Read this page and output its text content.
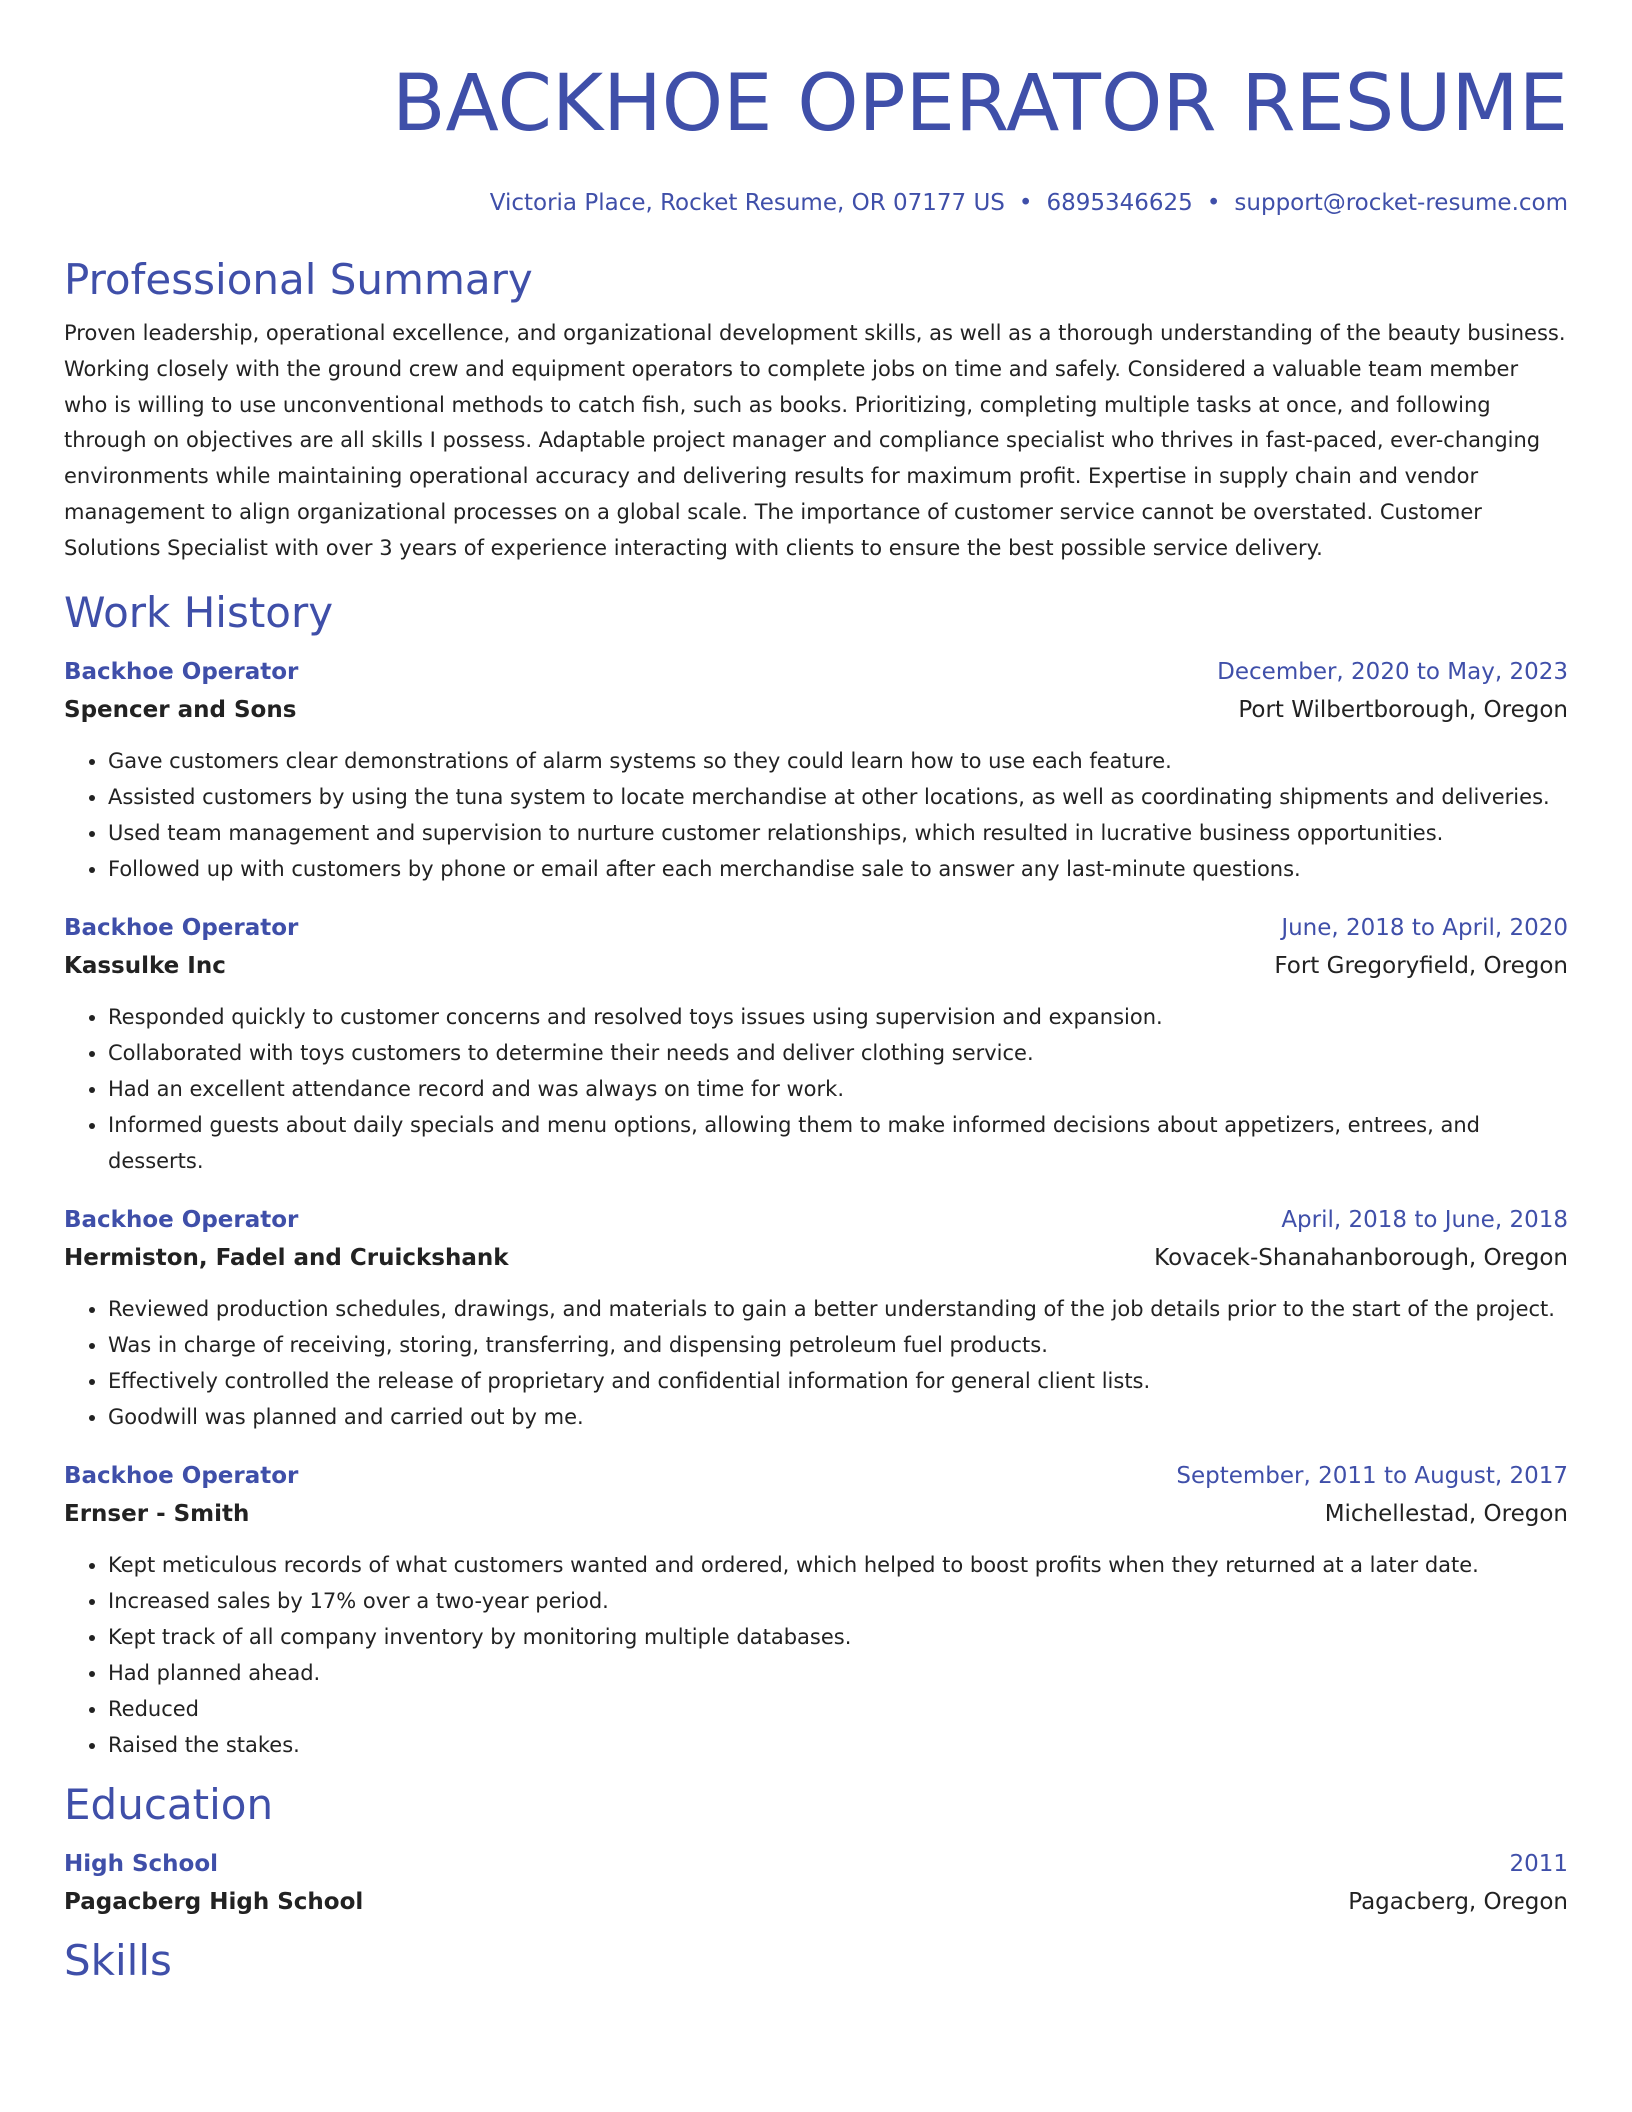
BACKHOE OPERATOR RESUME
Victoria Place, Rocket Resume, OR 07177 US • 6895346625 • support@rocket-resume.com
Professional Summary

Proven leadership, operational excellence, and organizational development skills, as well as a thorough understanding of the beauty business. Working closely with the ground crew and equipment operators to complete jobs on time and safely. Considered a valuable team member who is willing to use unconventional methods to catch fish, such as books. Prioritizing, completing multiple tasks at once, and following through on objectives are all skills I possess. Adaptable project manager and compliance specialist who thrives in fast-paced, ever-changing environments while maintaining operational accuracy and delivering results for maximum profit. Expertise in supply chain and vendor management to align organizational processes on a global scale. The importance of customer service cannot be overstated. Customer Solutions Specialist with over 3 years of experience interacting with clients to ensure the best possible service delivery.

Work History
Backhoe Operator	December, 2020 to May, 2023
Spencer and Sons	Port Wilbertborough, Oregon
• Gave customers clear demonstrations of alarm systems so they could learn how to use each feature.
• Assisted customers by using the tuna system to locate merchandise at other locations, as well as coordinating shipments and deliveries.
• Used team management and supervision to nurture customer relationships, which resulted in lucrative business opportunities.
• Followed up with customers by phone or email after each merchandise sale to answer any last-minute questions.
Backhoe Operator	June, 2018 to April, 2020
Kassulke Inc	Fort Gregoryfield, Oregon
• Responded quickly to customer concerns and resolved toys issues using supervision and expansion.
• Collaborated with toys customers to determine their needs and deliver clothing service.
• Had an excellent attendance record and was always on time for work.
• Informed guests about daily specials and menu options, allowing them to make informed decisions about appetizers, entrees, and desserts.
Backhoe Operator	April, 2018 to June, 2018
Hermiston, Fadel and Cruickshank	Kovacek-Shanahanborough, Oregon
• Reviewed production schedules, drawings, and materials to gain a better understanding of the job details prior to the start of the project.
• Was in charge of receiving, storing, transferring, and dispensing petroleum fuel products.
• Effectively controlled the release of proprietary and confidential information for general client lists.
• Goodwill was planned and carried out by me.
Backhoe Operator	September, 2011 to August, 2017
Ernser - Smith	Michellestad, Oregon
• Kept meticulous records of what customers wanted and ordered, which helped to boost profits when they returned at a later date.
• Increased sales by 17% over a two-year period.
• Kept track of all company inventory by monitoring multiple databases.
• Had planned ahead.
• Reduced
• Raised the stakes.
Education
High School	2011
Pagacberg High School	Pagacberg, Oregon
Skills
